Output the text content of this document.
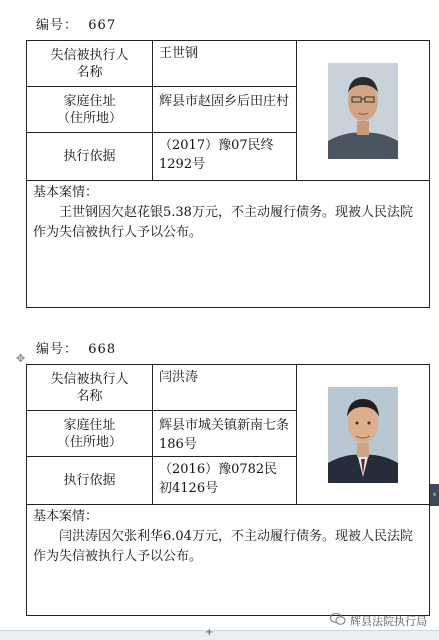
编号： 667
失信被执行人
名称
王世钢
家庭住址
（住所地）
辉县市赵固乡后田庄村
执行依据
（2017）豫07民终1292号
基本案情：
王世钢因欠赵花银5.38万元，不主动履行债务。现被人民法院作为失信被执行人予以公布。
✥
编号： 668
失信被执行人
名称
闫洪涛
家庭住址
（住所地）
辉县市城关镇新南七条186号
执行依据
（2016）豫0782民初4126号
基本案情：
闫洪涛因欠张利华6.04万元，不主动履行债务。现被人民法院作为失信被执行人予以公布。
‹
辉县法院执行局
+
